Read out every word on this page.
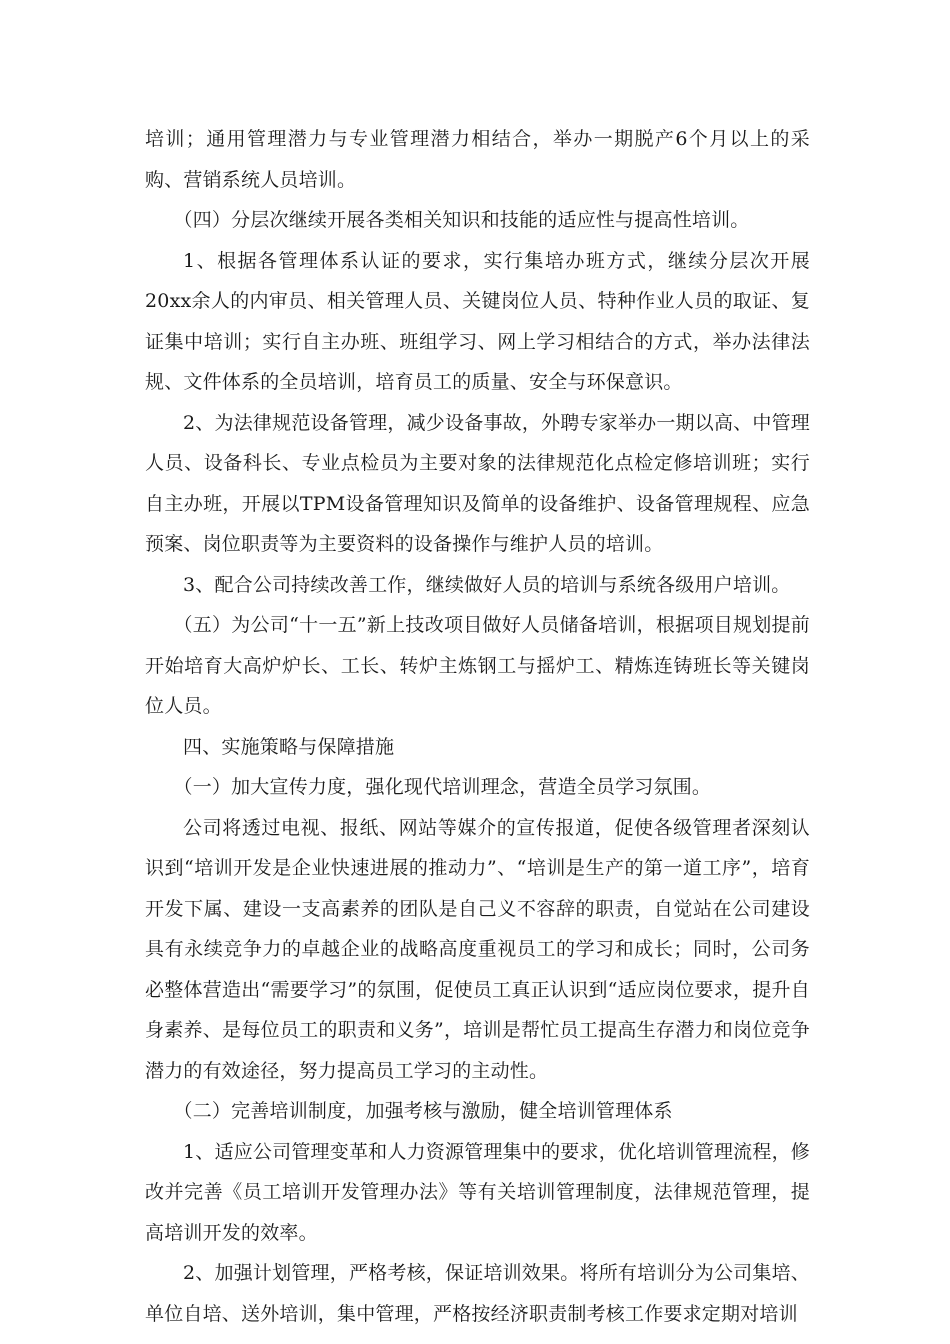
培训；通用管理潜力与专业管理潜力相结合，举办一期脱产6个月以上的采购、营销系统人员培训。

（四）分层次继续开展各类相关知识和技能的适应性与提高性培训。

1、根据各管理体系认证的要求，实行集培办班方式，继续分层次开展20xx余人的内审员、相关管理人员、关键岗位人员、特种作业人员的取证、复证集中培训；实行自主办班、班组学习、网上学习相结合的方式，举办法律法规、文件体系的全员培训，培育员工的质量、安全与环保意识。

2、为法律规范设备管理，减少设备事故，外聘专家举办一期以高、中管理人员、设备科长、专业点检员为主要对象的法律规范化点检定修培训班；实行自主办班，开展以TPM设备管理知识及简单的设备维护、设备管理规程、应急预案、岗位职责等为主要资料的设备操作与维护人员的培训。

3、配合公司持续改善工作，继续做好人员的培训与系统各级用户培训。

（五）为公司“十一五”新上技改项目做好人员储备培训，根据项目规划提前开始培育大高炉炉长、工长、转炉主炼钢工与摇炉工、精炼连铸班长等关键岗位人员。

四、实施策略与保障措施

（一）加大宣传力度，强化现代培训理念，营造全员学习氛围。

公司将透过电视、报纸、网站等媒介的宣传报道，促使各级管理者深刻认识到“培训开发是企业快速进展的推动力”、“培训是生产的第一道工序”，培育开发下属、建设一支高素养的团队是自己义不容辞的职责，自觉站在公司建设具有永续竞争力的卓越企业的战略高度重视员工的学习和成长；同时，公司务必整体营造出“需要学习”的氛围，促使员工真正认识到“适应岗位要求，提升自身素养、是每位员工的职责和义务”，培训是帮忙员工提高生存潜力和岗位竞争潜力的有效途径，努力提高员工学习的主动性。

（二）完善培训制度，加强考核与激励，健全培训管理体系

1、适应公司管理变革和人力资源管理集中的要求，优化培训管理流程，修改并完善《员工培训开发管理办法》等有关培训管理制度，法律规范管理，提高培训开发的效率。

2、加强计划管理，严格考核，保证培训效果。将所有培训分为公司集培、单位自培、送外培训，集中管理，严格按经济职责制考核工作要求定期对培训
